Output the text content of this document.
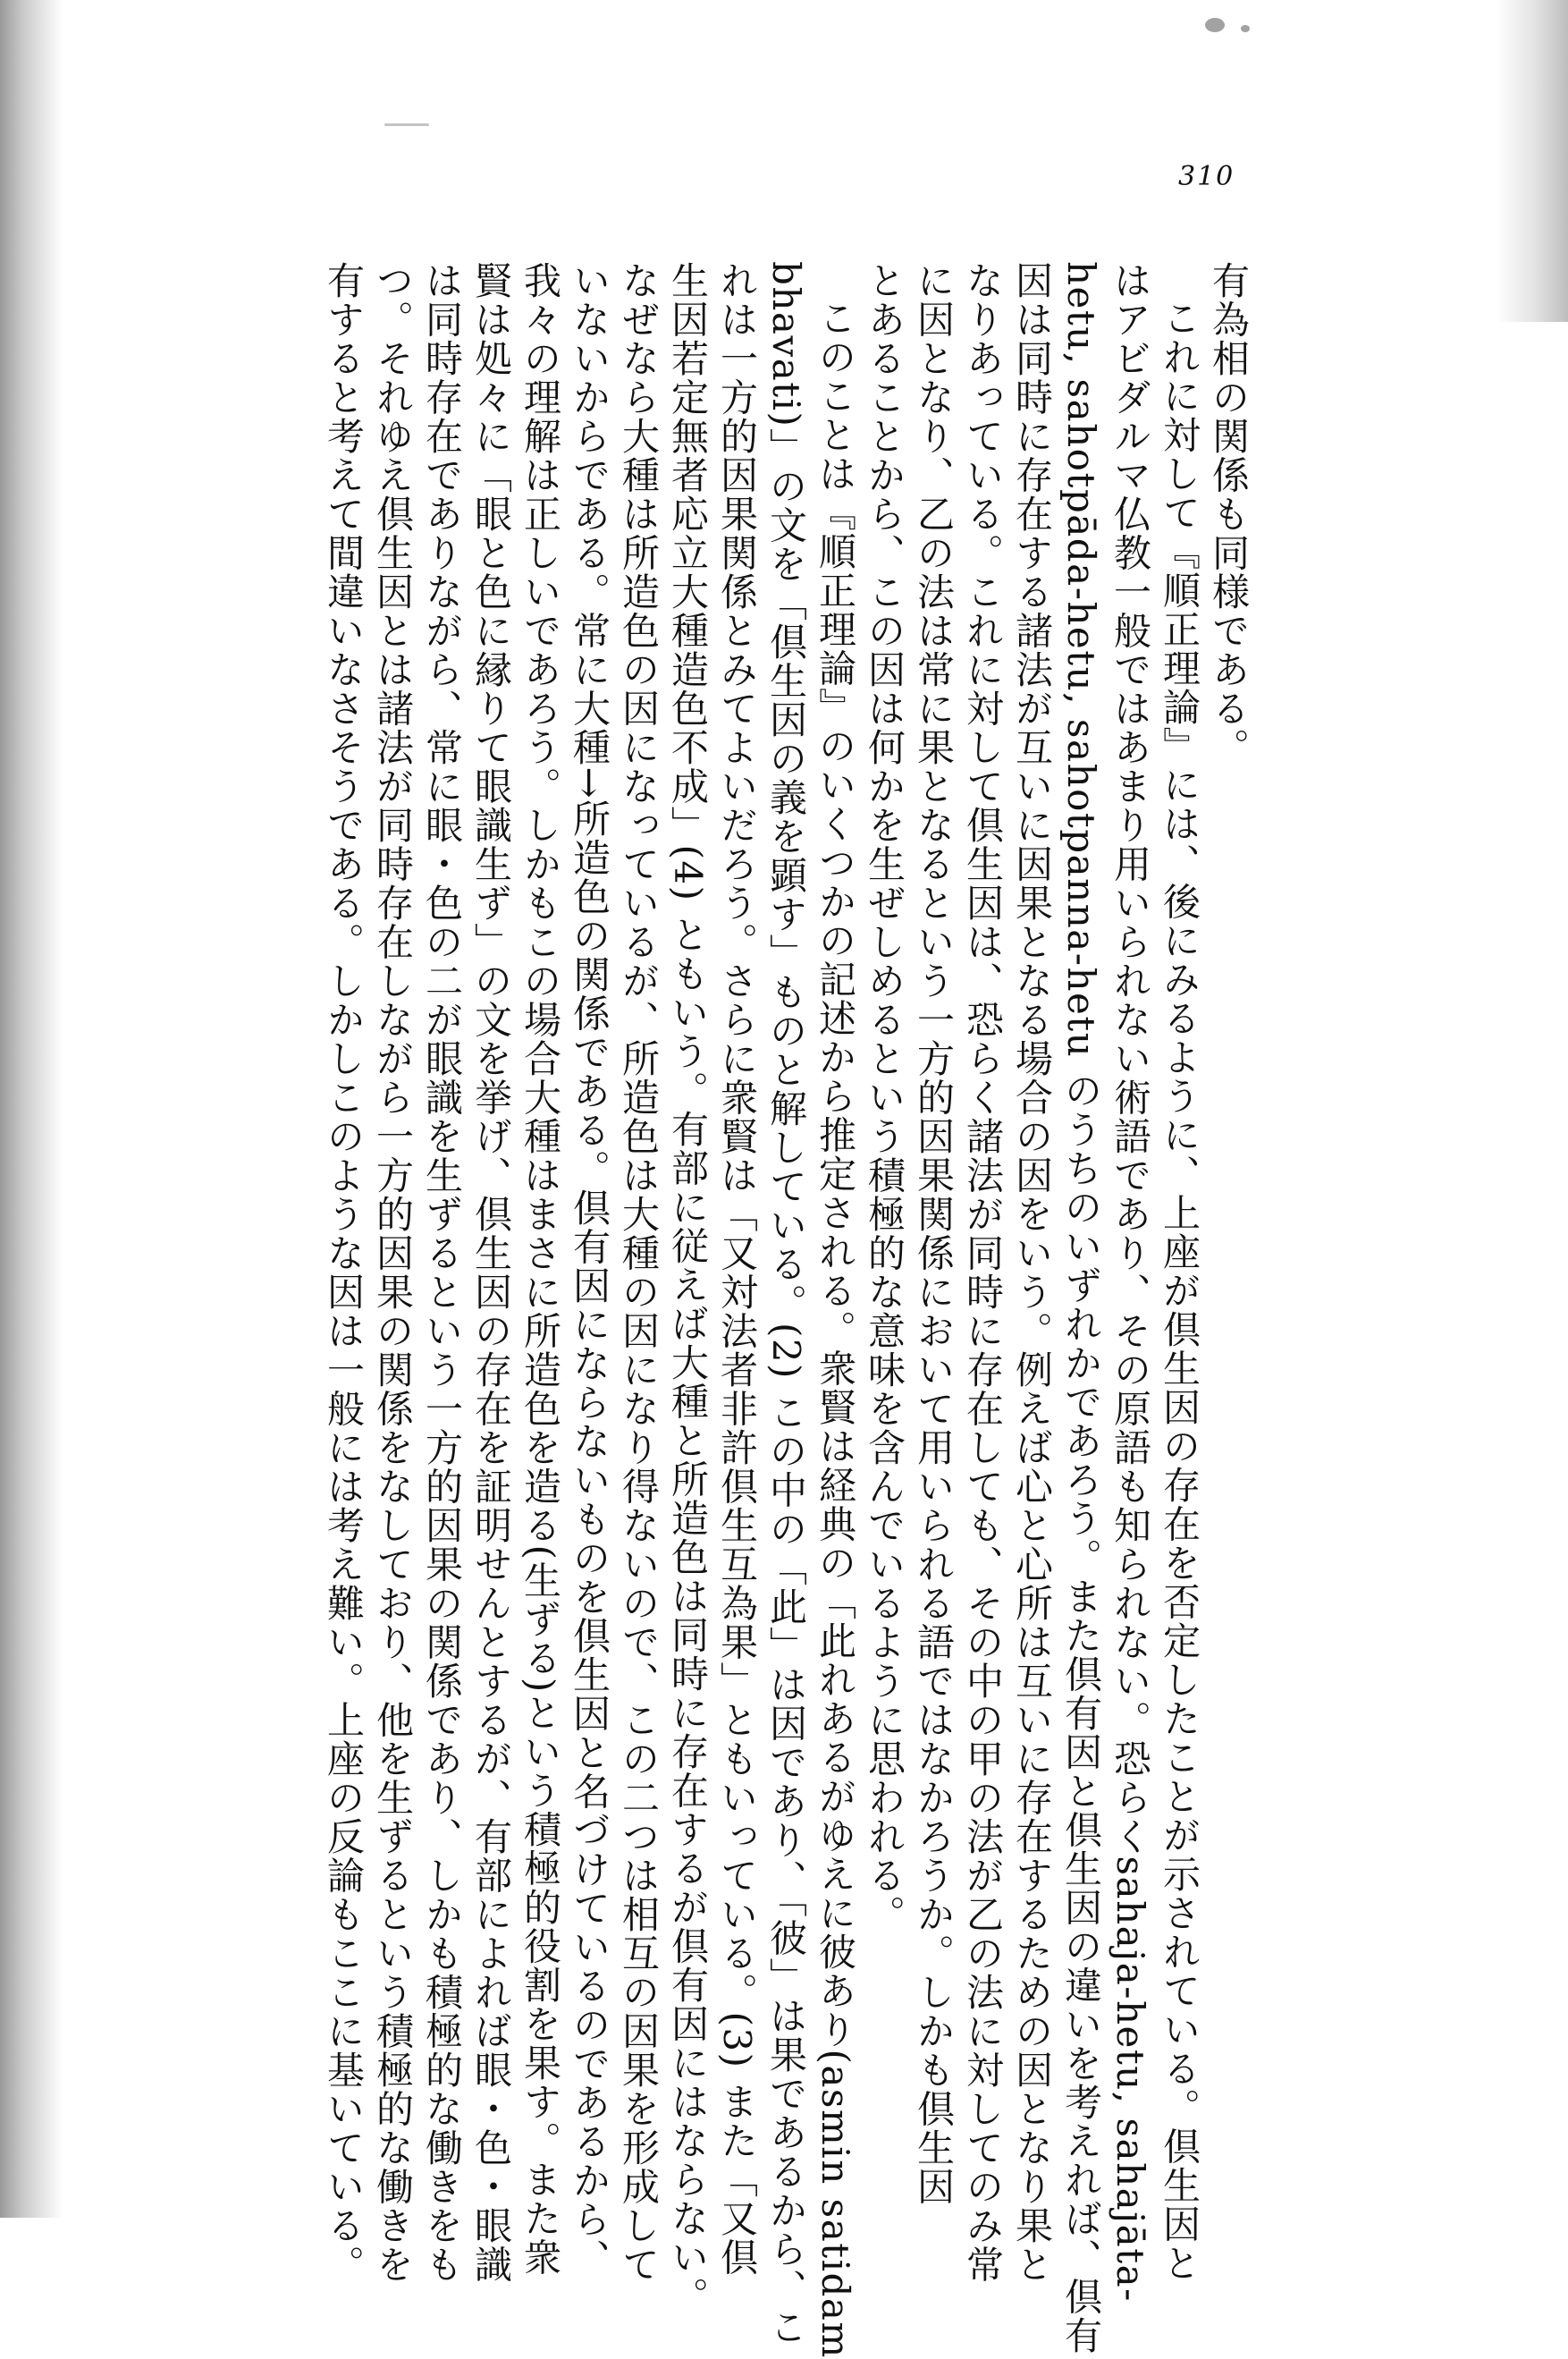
310
有為相の関係も同様である。
これに対して『順正理論』には、後にみるように、上座が倶生因の存在を否定したことが示されている。倶生因と
はアビダルマ仏教一般ではあまり用いられない術語であり、その原語も知られない。恐らくsahaja-hetu, sahajāta-
hetu, sahotpāda-hetu, sahotpanna-hetu のうちのいずれかであろう。また倶有因と倶生因の違いを考えれば、倶有
因は同時に存在する諸法が互いに因果となる場合の因をいう。例えば心と心所は互いに存在するための因となり果と
なりあっている。これに対して倶生因は、恐らく諸法が同時に存在しても、その中の甲の法が乙の法に対してのみ常
に因となり、乙の法は常に果となるという一方的因果関係において用いられる語ではなかろうか。しかも倶生因
とあることから、この因は何かを生ぜしめるという積極的な意味を含んでいるように思われる。
このことは『順正理論』のいくつかの記述から推定される。衆賢は経典の「此れあるがゆえに彼あり(asmin satidam
bhavati)」の文を「倶生因の義を顕す」ものと解している。(2) この中の「此」は因であり、「彼」は果であるから、こ
れは一方的因果関係とみてよいだろう。さらに衆賢は「又対法者非許倶生互為果」ともいっている。(3) また「又倶
生因若定無者応立大種造色不成」(4) ともいう。有部に従えば大種と所造色は同時に存在するが倶有因にはならない。
なぜなら大種は所造色の因になっているが、所造色は大種の因になり得ないので、この二つは相互の因果を形成して
いないからである。常に大種→所造色の関係である。倶有因にならないものを倶生因と名づけているのであるから、
我々の理解は正しいであろう。しかもこの場合大種はまさに所造色を造る(生ずる)という積極的役割を果す。また衆
賢は処々に「眼と色に縁りて眼識生ず」の文を挙げ、倶生因の存在を証明せんとするが、有部によれば眼・色・眼識
は同時存在でありながら、常に眼・色の二が眼識を生ずるという一方的因果の関係であり、しかも積極的な働きをも
つ。それゆえ倶生因とは諸法が同時存在しながら一方的因果の関係をなしており、他を生ずるという積極的な働きを
有すると考えて間違いなさそうである。しかしこのような因は一般には考え難い。上座の反論もここに基いている。
